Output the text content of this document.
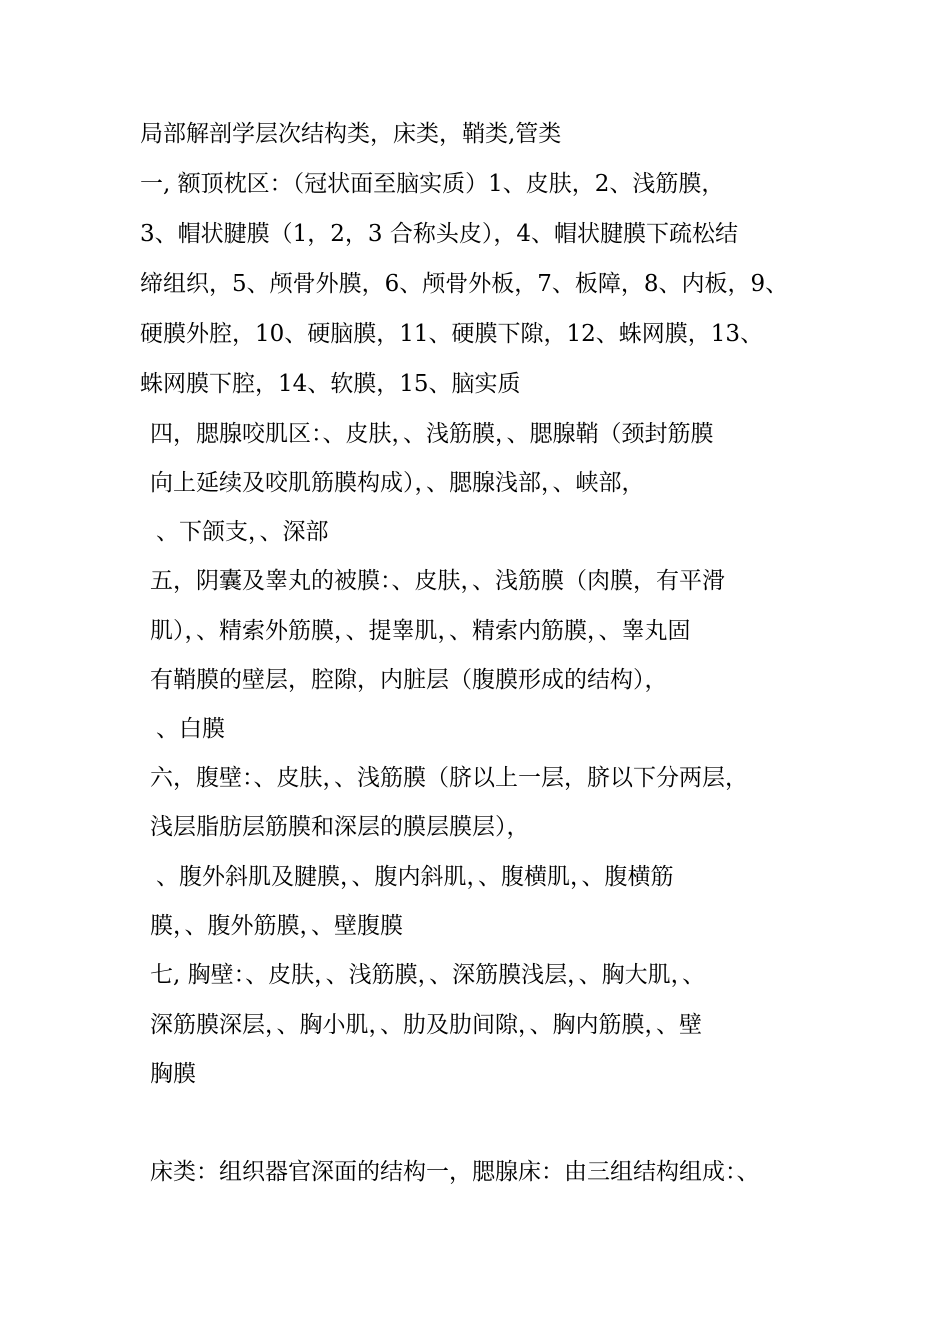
局部解剖学层次结构类，床类，鞘类,管类
一, 额顶枕区：（冠状面至脑实质）1、皮肤，2、浅筋膜，
3、帽状腱膜（1，2，3 合称头皮），4、帽状腱膜下疏松结
缔组织，5、颅骨外膜，6、颅骨外板，7、板障，8、内板，9、
硬膜外腔，10、硬脑膜，11、硬膜下隙，12、蛛网膜，13、
蛛网膜下腔，14、软膜，15、脑实质
四，腮腺咬肌区：、皮肤，、浅筋膜，、腮腺鞘（颈封筋膜
向上延续及咬肌筋膜构成），、腮腺浅部，、峡部，
、下颌支，、深部
五，阴囊及睾丸的被膜：、皮肤，、浅筋膜（肉膜，有平滑
肌），、精索外筋膜，、提睾肌，、精索内筋膜，、睾丸固
有鞘膜的壁层，腔隙，内脏层（腹膜形成的结构），
、白膜
六，腹壁：、皮肤，、浅筋膜（脐以上一层，脐以下分两层，
浅层脂肪层筋膜和深层的膜层膜层），
、腹外斜肌及腱膜，、腹内斜肌，、腹横肌，、腹横筋
膜，、腹外筋膜，、壁腹膜
七, 胸壁：、皮肤，、浅筋膜，、深筋膜浅层，、胸大肌，、
深筋膜深层，、胸小肌，、肋及肋间隙，、胸内筋膜，、壁
胸膜
床类：组织器官深面的结构一，腮腺床：由三组结构组成：、
